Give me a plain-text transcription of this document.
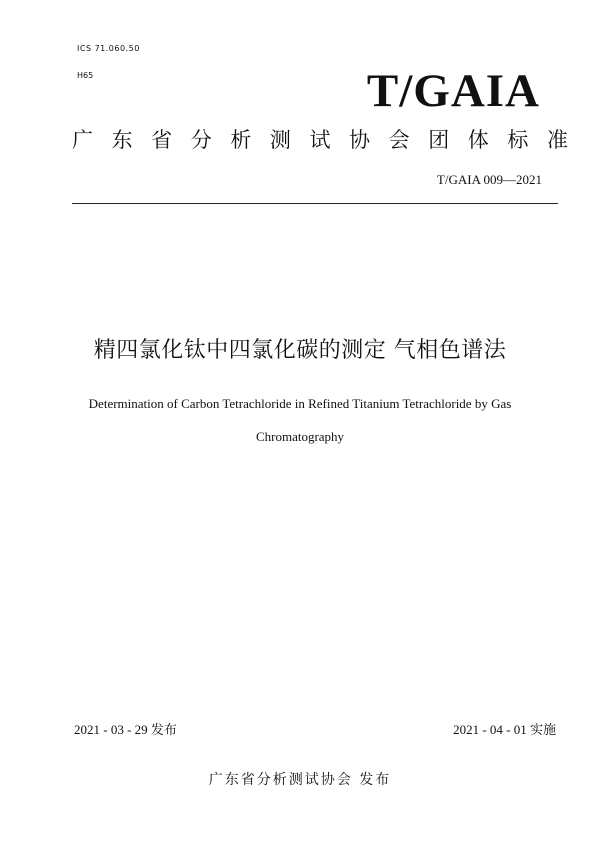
ICS 71.060.50
H65	T/GAIA
广 东 省 分 析 测 试 协 会 团 体 标 准
T/GAIA 009—2021
精四氯化钛中四氯化碳的测定 气相色谱法
Determination of Carbon Tetrachloride in Refined Titanium Tetrachloride by Gas
Chromatography
2021 - 03 - 29 发布	2021 - 04 - 01 实施
广东省分析测试协会 发布
